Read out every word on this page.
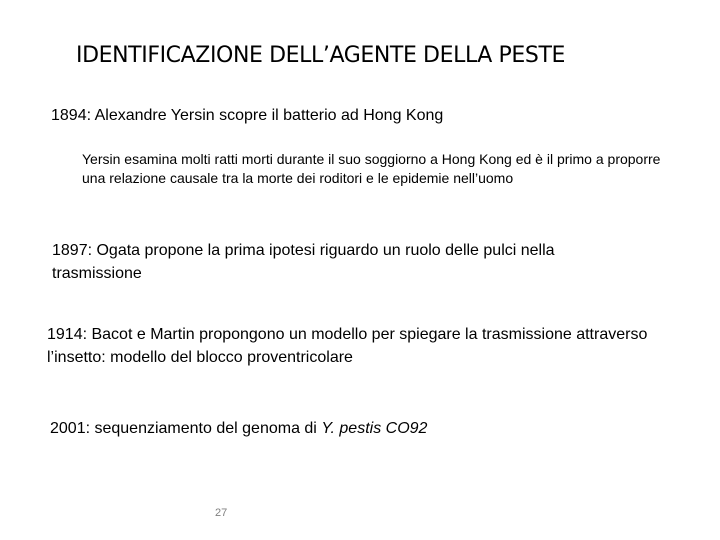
IDENTIFICAZIONE DELL’AGENTE DELLA PESTE
1894: Alexandre Yersin scopre il batterio ad Hong Kong
Yersin esamina molti ratti morti durante il suo soggiorno a Hong Kong ed è il primo a proporre una relazione causale tra la morte dei roditori e le epidemie nell’uomo
1897: Ogata propone la prima ipotesi riguardo un ruolo delle pulci nella trasmissione
1914: Bacot e Martin propongono un modello per spiegare la trasmissione attraverso l’insetto: modello del blocco proventricolare
2001: sequenziamento del genoma di Y. pestis CO92
27
